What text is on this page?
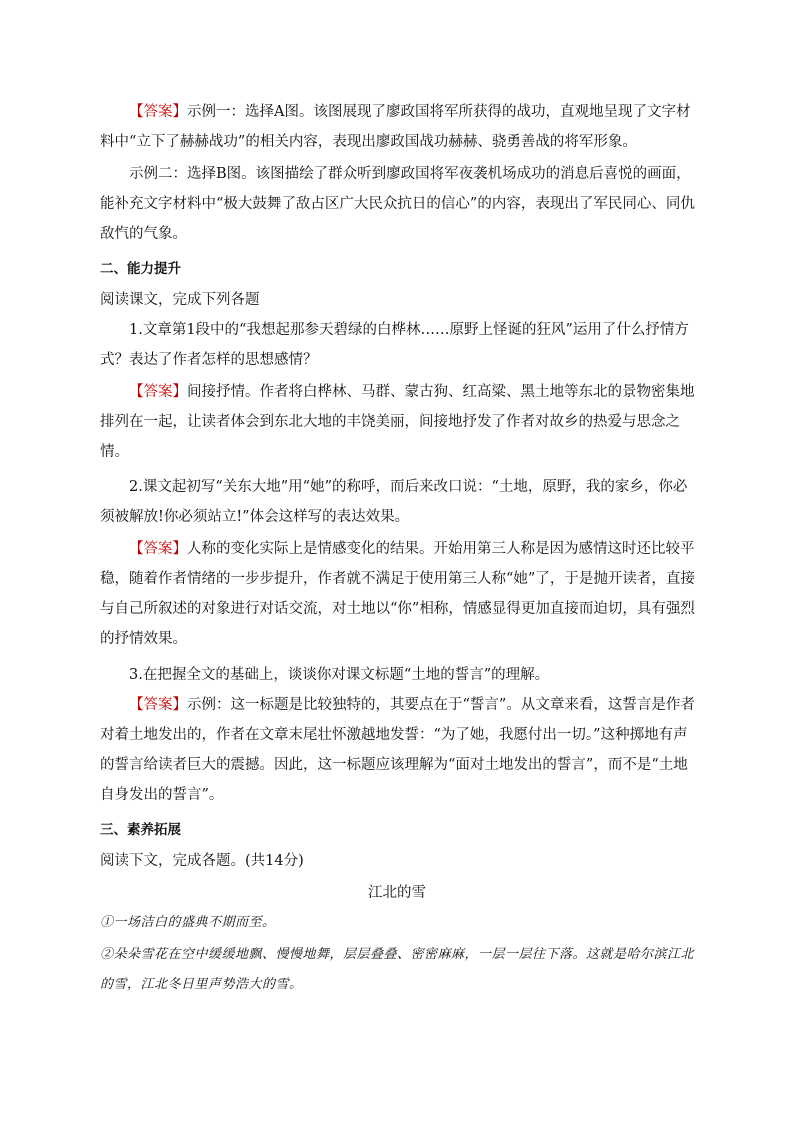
【答案】示例一：选择A图。该图展现了廖政国将军所获得的战功，直观地呈现了文字材料中“立下了赫赫战功”的相关内容，表现出廖政国战功赫赫、骁勇善战的将军形象。

示例二：选择B图。该图描绘了群众听到廖政国将军夜袭机场成功的消息后喜悦的画面，能补充文字材料中“极大鼓舞了敌占区广大民众抗日的信心”的内容，表现出了军民同心、同仇敌忾的气象。

二、能力提升

阅读课文，完成下列各题

1.文章第1段中的“我想起那参天碧绿的白桦林……原野上怪诞的狂风”运用了什么抒情方式？表达了作者怎样的思想感情？

【答案】间接抒情。作者将白桦林、马群、蒙古狗、红高粱、黑土地等东北的景物密集地排列在一起，让读者体会到东北大地的丰饶美丽，间接地抒发了作者对故乡的热爱与思念之情。

2.课文起初写“关东大地”用“她”的称呼，而后来改口说：“土地，原野，我的家乡，你必须被解放!你必须站立!”体会这样写的表达效果。

【答案】人称的变化实际上是情感变化的结果。开始用第三人称是因为感情这时还比较平稳，随着作者情绪的一步步提升，作者就不满足于使用第三人称“她”了，于是抛开读者，直接与自己所叙述的对象进行对话交流，对土地以“你”相称，情感显得更加直接而迫切，具有强烈的抒情效果。

3.在把握全文的基础上，谈谈你对课文标题“土地的誓言”的理解。

【答案】示例：这一标题是比较独特的，其要点在于“誓言”。从文章来看，这誓言是作者对着土地发出的，作者在文章末尾壮怀激越地发誓：“为了她，我愿付出一切。”这种掷地有声的誓言给读者巨大的震撼。因此，这一标题应该理解为“面对土地发出的誓言”，而不是“土地自身发出的誓言”。

三、素养拓展

阅读下文，完成各题。(共14分)

江北的雪

①一场洁白的盛典不期而至。

②朵朵雪花在空中缓缓地飘、慢慢地舞，层层叠叠、密密麻麻，一层一层往下落。这就是哈尔滨江北的雪，江北冬日里声势浩大的雪。
